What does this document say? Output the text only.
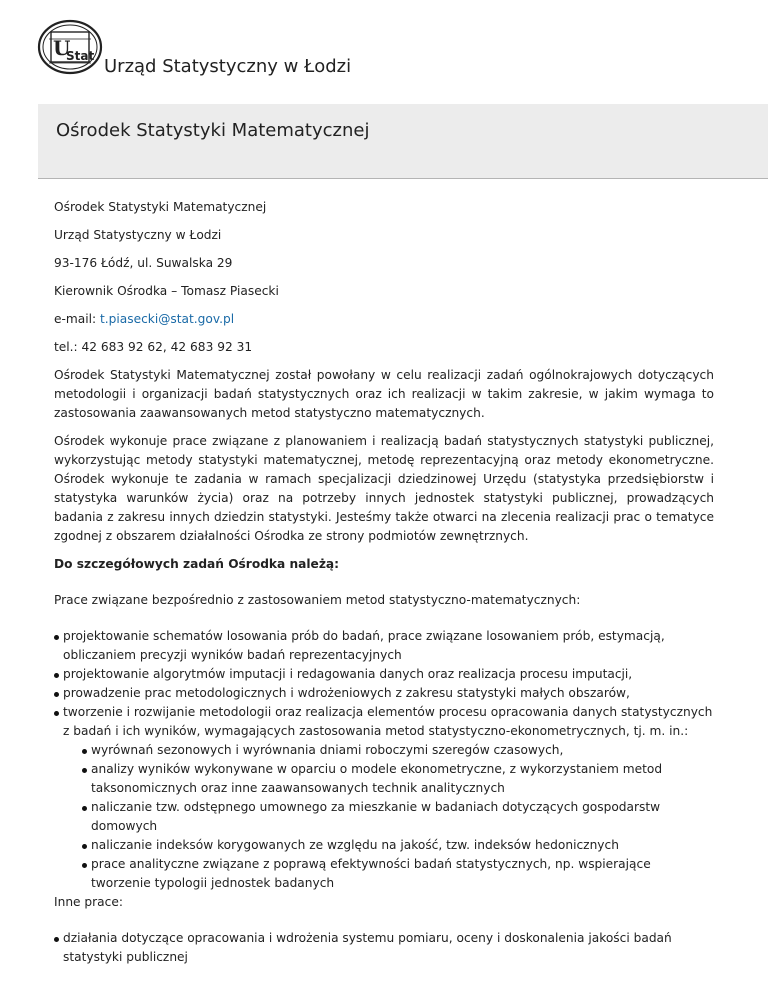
U
Stat Urząd Statystyczny w Łodzi
Ośrodek Statystyki Matematycznej

Ośrodek Statystyki Matematycznej

Urząd Statystyczny w Łodzi

93-176 Łódź, ul. Suwalska 29

Kierownik Ośrodka – Tomasz Piasecki

e-mail: t.piasecki@stat.gov.pl

tel.: 42 683 92 62, 42 683 92 31

Ośrodek Statystyki Matematycznej został powołany w celu realizacji zadań ogólnokrajowych dotyczących metodologii i organizacji badań statystycznych oraz ich realizacji w takim zakresie, w jakim wymaga to zastosowania zaawansowanych metod statystyczno matematycznych.

Ośrodek wykonuje prace związane z planowaniem i realizacją badań statystycznych statystyki publicznej, wykorzystując metody statystyki matematycznej, metodę reprezentacyjną oraz metody ekonometryczne. Ośrodek wykonuje te zadania w ramach specjalizacji dziedzinowej Urzędu (statystyka przedsiębiorstw i statystyka warunków życia) oraz na potrzeby innych jednostek statystyki publicznej, prowadzących badania z zakresu innych dziedzin statystyki. Jesteśmy także otwarci na zlecenia realizacji prac o tematyce zgodnej z obszarem działalności Ośrodka ze strony podmiotów zewnętrznych.

Do szczegółowych zadań Ośrodka należą:

Prace związane bezpośrednio z zastosowaniem metod statystyczno-matematycznych:

projektowanie schematów losowania prób do badań, prace związane losowaniem prób, estymacją, obliczaniem precyzji wyników badań reprezentacyjnych
projektowanie algorytmów imputacji i redagowania danych oraz realizacja procesu imputacji,
prowadzenie prac metodologicznych i wdrożeniowych z zakresu statystyki małych obszarów,
tworzenie i rozwijanie metodologii oraz realizacja elementów procesu opracowania danych statystycznych z badań i ich wyników, wymagających zastosowania metod statystyczno-ekonometrycznych, tj. m. in.:
wyrównań sezonowych i wyrównania dniami roboczymi szeregów czasowych,
analizy wyników wykonywane w oparciu o modele ekonometryczne, z wykorzystaniem metod taksonomicznych oraz inne zaawansowanych technik analitycznych
naliczanie tzw. odstępnego umownego za mieszkanie w badaniach dotyczących gospodarstw domowych
naliczanie indeksów korygowanych ze względu na jakość, tzw. indeksów hedonicznych
prace analityczne związane z poprawą efektywności badań statystycznych, np. wspierające tworzenie typologii jednostek badanych

Inne prace:

działania dotyczące opracowania i wdrożenia systemu pomiaru, oceny i doskonalenia jakości badań statystyki publicznej
